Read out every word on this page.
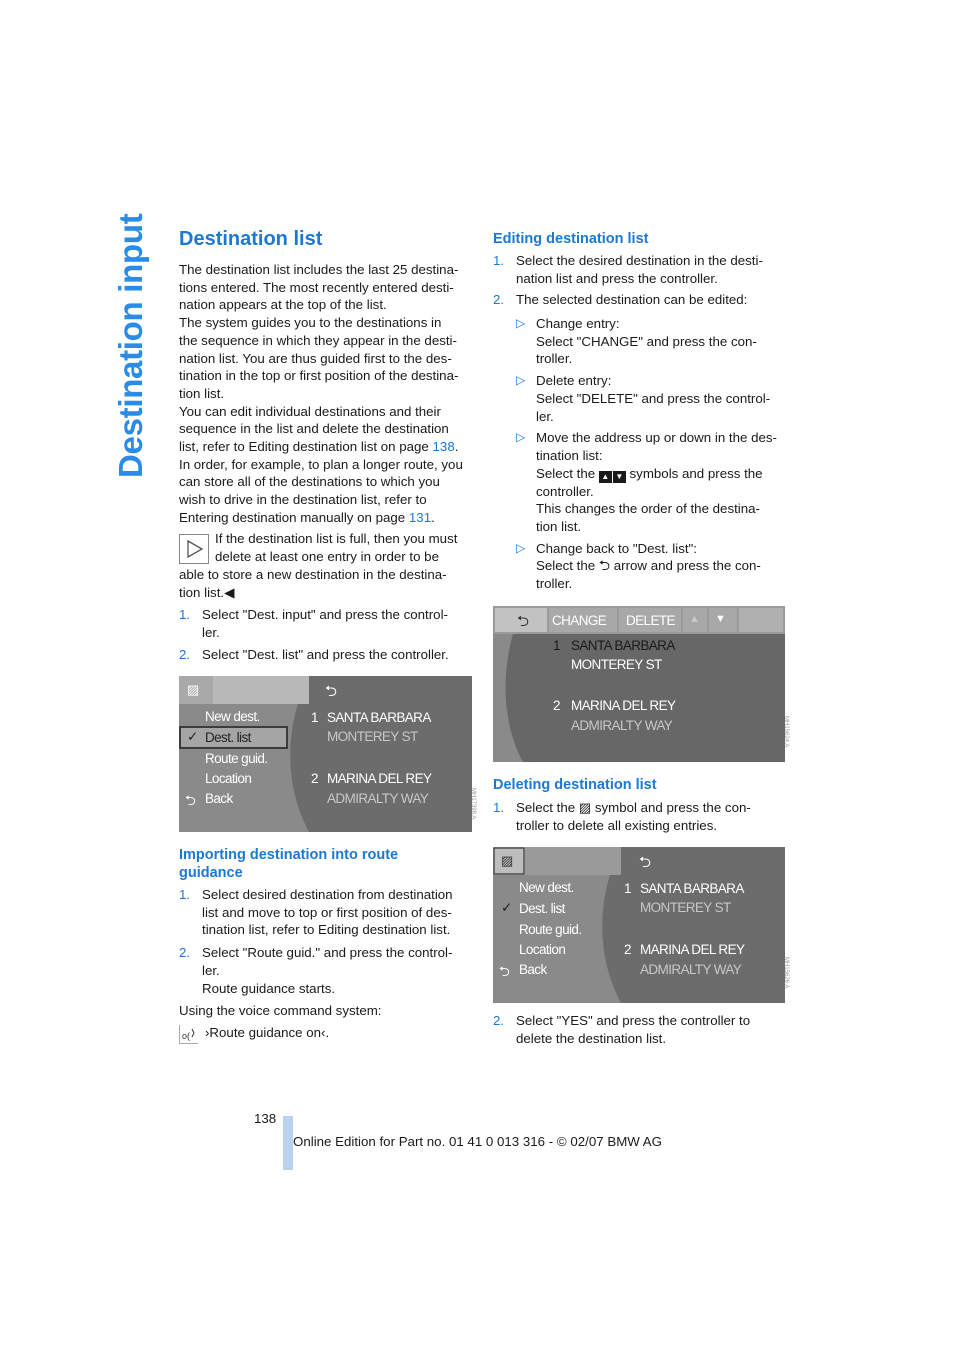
Destination input Destination list

The destination list includes the last 25 destina-

tions entered. The most recently entered desti-

nation appears at the top of the list.

The system guides you to the destinations in

the sequence in which they appear in the desti-

nation list. You are thus guided first to the des-

tination in the top or first position of the destina-

tion list.

You can edit individual destinations and their

sequence in the list and delete the destination

list, refer to Editing destination list on page 138.

In order, for example, to plan a longer route, you

can store all of the destinations to which you

wish to drive in the destination list, refer to

Entering destination manually on page 131.

If the destination list is full, then you must

delete at least one entry in order to be

able to store a new destination in the destina-

tion list.◀

1. Select "Dest. input" and press the control-
ler.
2. Select "Dest. list" and press the controller.
▨	⮌
New dest.
✓ Dest. list
Route guid.
Location
⮌ Back
1 SANTA BARBARA
MONTEREY ST
2 MARINA DEL REY
ADMIRALTY WAY	MH17398 A
Importing destination into route
guidance
1. Select desired destination from destination
list and move to top or first position of des-
tination list, refer to Editing destination list.
2. Select "Route guid." and press the control-
ler.
Route guidance starts.

Using the voice command system:

o( ›Route guidance on‹.
Editing destination list
1. Select the desired destination in the desti-
nation list and press the controller.
2. The selected destination can be edited:
▷ Change entry:
Select "CHANGE" and press the con-
troller.
▷ Delete entry:
Select "DELETE" and press the control-
ler.
▷ Move the address up or down in the des-
tination list:
Select the ▲ ▼ symbols and press the
controller.
This changes the order of the destina-
tion list.
▷ Change back to "Dest. list":
Select the ⮌ arrow and press the con-
troller.
⮌ CHANGE DELETE ▲ ▼
1 SANTA BARBARA
MONTEREY ST
2 MARINA DEL REY
ADMIRALTY WAY	MH15624 A
Deleting destination list
1. Select the ▨ symbol and press the con-
troller to delete all existing entries.
▨	⮌
New dest.
✓ Dest. list
Route guid.
Location
⮌ Back
1 SANTA BARBARA
MONTEREY ST
2 MARINA DEL REY
ADMIRALTY WAY	MH15626 A
2. Select "YES" and press the controller to
delete the destination list.
138
Online Edition for Part no. 01 41 0 013 316 - © 02/07 BMW AG
